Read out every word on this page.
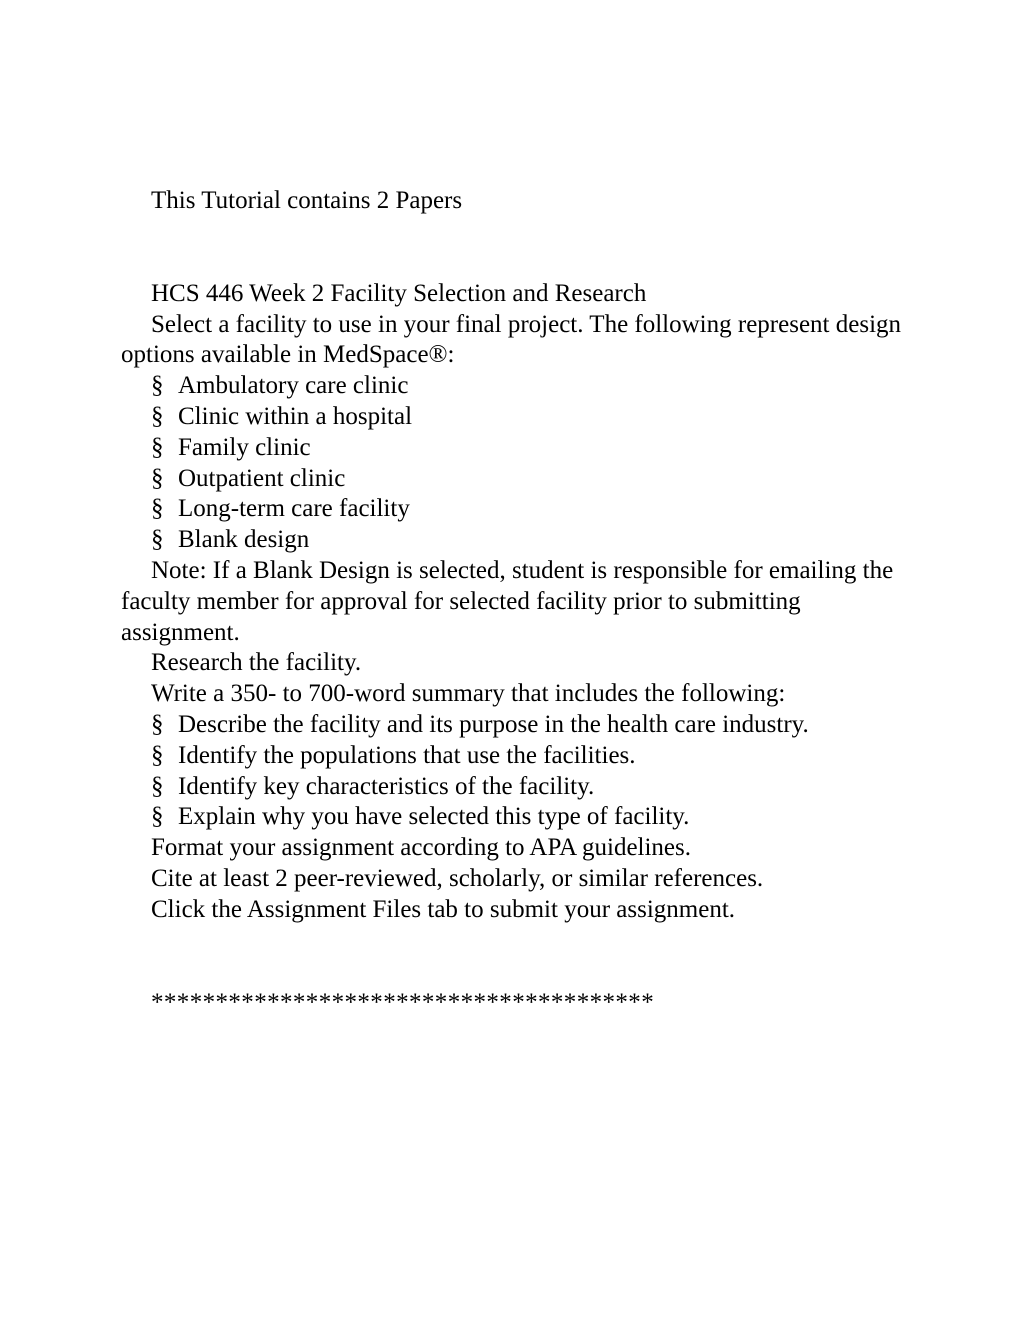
This Tutorial contains 2 Papers

HCS 446 Week 2 Facility Selection and Research

Select a facility to use in your final project. The following represent design options available in MedSpace®:

§ Ambulatory care clinic

§ Clinic within a hospital

§ Family clinic

§ Outpatient clinic

§ Long-term care facility

§ Blank design

Note: If a Blank Design is selected, student is responsible for emailing the faculty member for approval for selected facility prior to submitting assignment.

Research the facility.

Write a 350- to 700-word summary that includes the following:

§ Describe the facility and its purpose in the health care industry.

§ Identify the populations that use the facilities.

§ Identify key characteristics of the facility.

§ Explain why you have selected this type of facility.

Format your assignment according to APA guidelines.

Cite at least 2 peer-reviewed, scholarly, or similar references.

Click the Assignment Files tab to submit your assignment.

***************************************
